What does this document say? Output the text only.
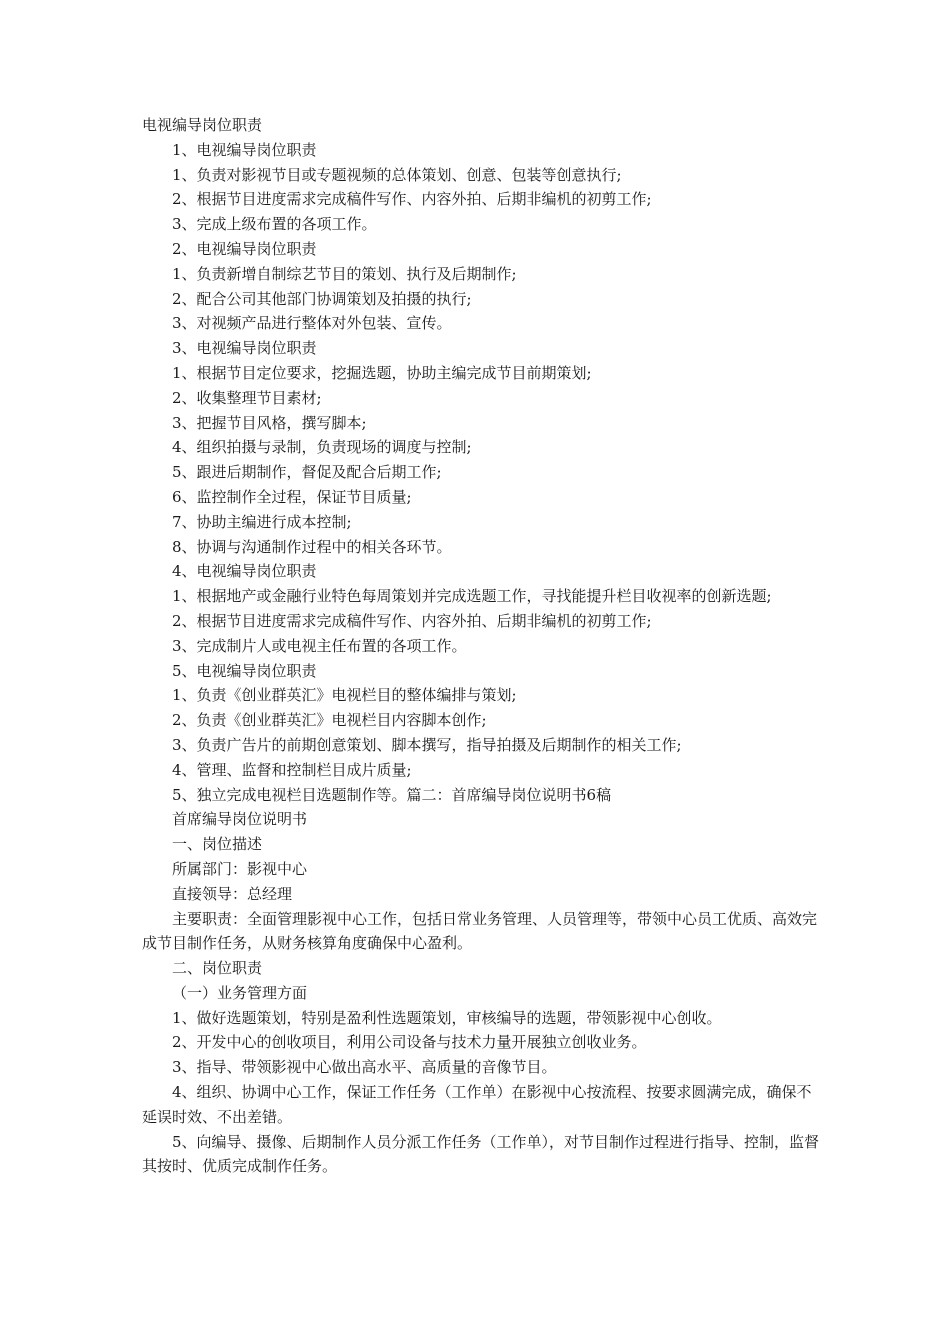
电视编导岗位职责
1、电视编导岗位职责
1、负责对影视节目或专题视频的总体策划、创意、包装等创意执行;
2、根据节目进度需求完成稿件写作、内容外拍、后期非编机的初剪工作;
3、完成上级布置的各项工作。
2、电视编导岗位职责
1、负责新增自制综艺节目的策划、执行及后期制作;
2、配合公司其他部门协调策划及拍摄的执行;
3、对视频产品进行整体对外包装、宣传。
3、电视编导岗位职责
1、根据节目定位要求，挖掘选题，协助主编完成节目前期策划;
2、收集整理节目素材;
3、把握节目风格，撰写脚本;
4、组织拍摄与录制，负责现场的调度与控制;
5、跟进后期制作，督促及配合后期工作;
6、监控制作全过程，保证节目质量;
7、协助主编进行成本控制;
8、协调与沟通制作过程中的相关各环节。
4、电视编导岗位职责
1、根据地产或金融行业特色每周策划并完成选题工作，寻找能提升栏目收视率的创新选题;
2、根据节目进度需求完成稿件写作、内容外拍、后期非编机的初剪工作;
3、完成制片人或电视主任布置的各项工作。
5、电视编导岗位职责
1、负责《创业群英汇》电视栏目的整体编排与策划;
2、负责《创业群英汇》电视栏目内容脚本创作;
3、负责广告片的前期创意策划、脚本撰写，指导拍摄及后期制作的相关工作;
4、管理、监督和控制栏目成片质量;
5、独立完成电视栏目选题制作等。篇二：首席编导岗位说明书6稿
首席编导岗位说明书
一、岗位描述
所属部门：影视中心
直接领导：总经理
主要职责：全面管理影视中心工作，包括日常业务管理、人员管理等，带领中心员工优质、高效完成节目制作任务，从财务核算角度确保中心盈利。
二、岗位职责
（一）业务管理方面
1、做好选题策划，特别是盈利性选题策划，审核编导的选题，带领影视中心创收。
2、开发中心的创收项目，利用公司设备与技术力量开展独立创收业务。
3、指导、带领影视中心做出高水平、高质量的音像节目。
4、组织、协调中心工作，保证工作任务（工作单）在影视中心按流程、按要求圆满完成，确保不延误时效、不出差错。
5、向编导、摄像、后期制作人员分派工作任务（工作单），对节目制作过程进行指导、控制，监督其按时、优质完成制作任务。
